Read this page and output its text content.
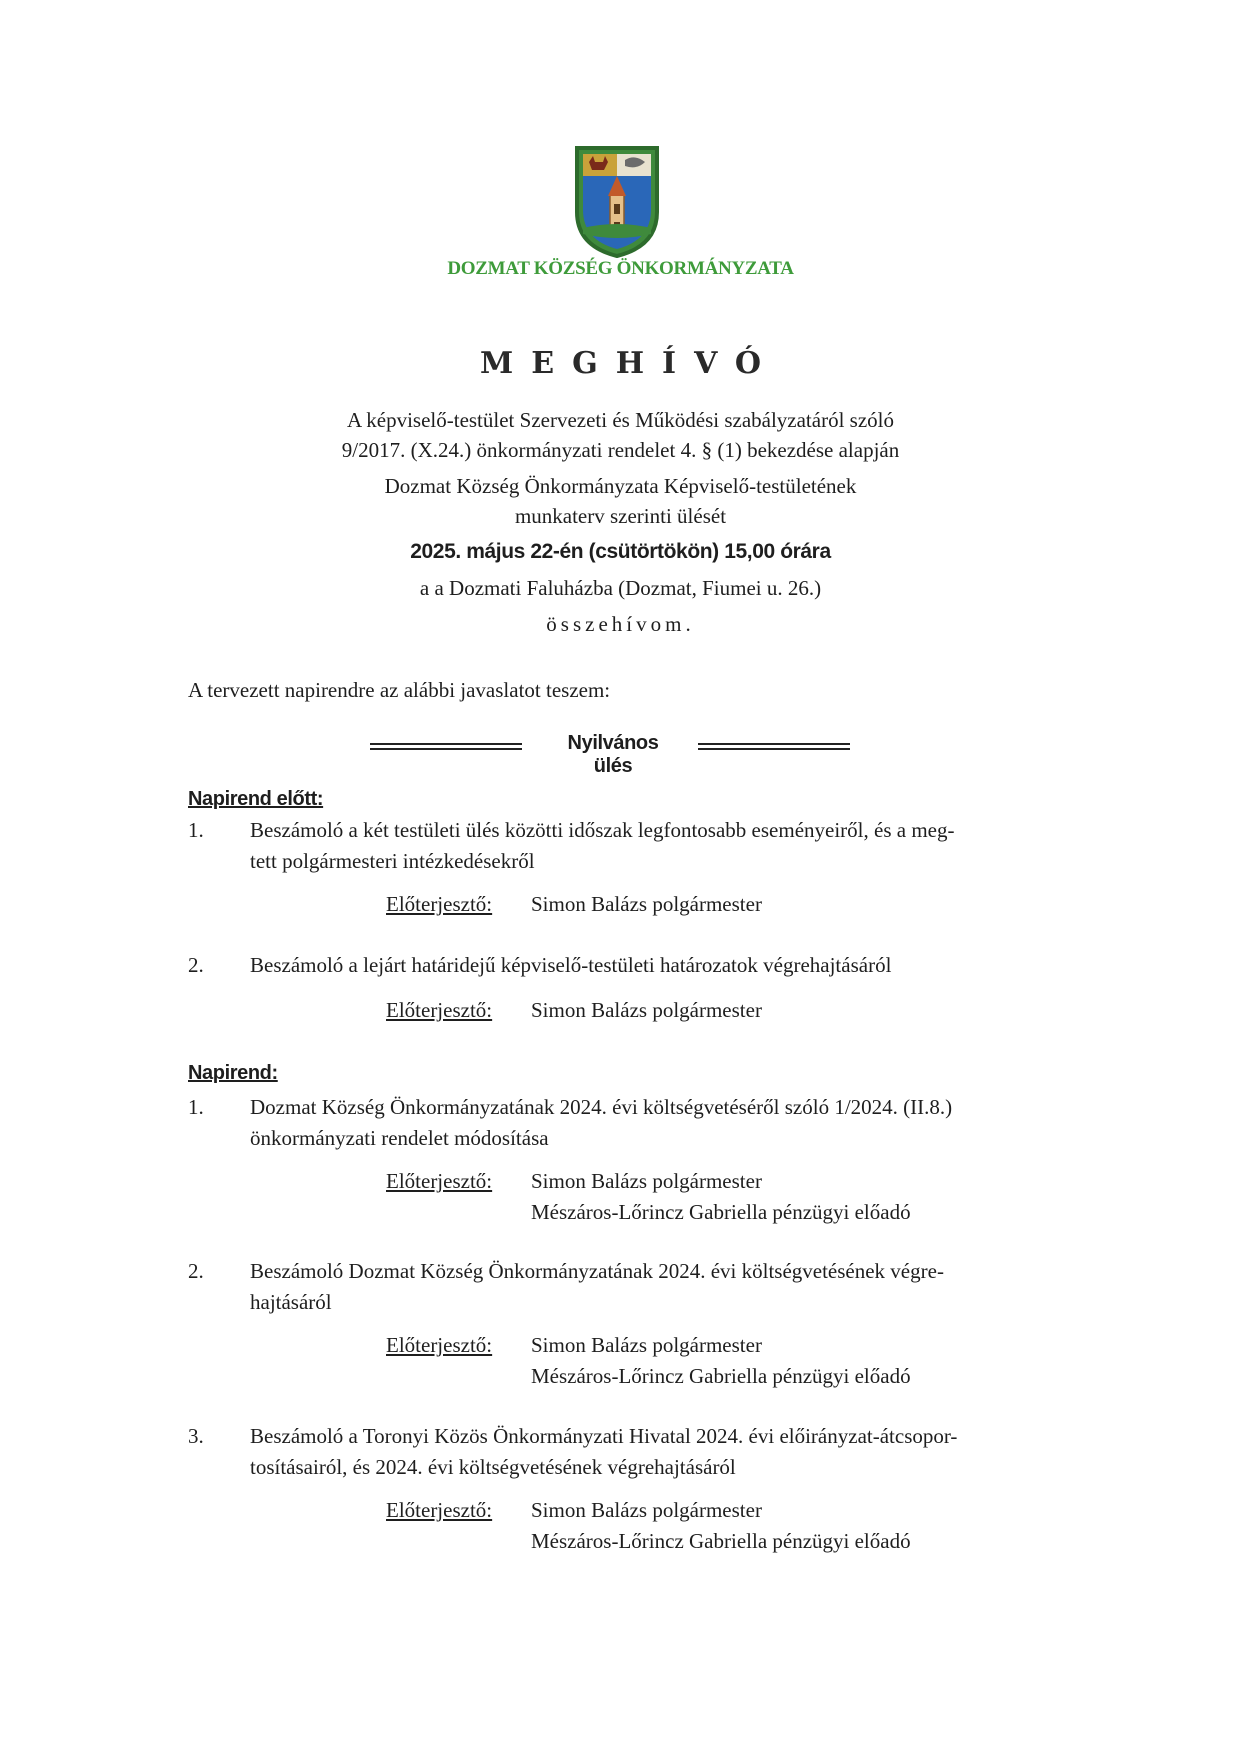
DOZMAT KÖZSÉG ÖNKORMÁNYZATA
MEGHÍVÓ
A képviselő-testület Szervezeti és Működési szabályzatáról szóló
9/2017. (X.24.) önkormányzati rendelet 4. § (1) bekezdése alapján
Dozmat Község Önkormányzata Képviselő-testületének
munkaterv szerinti ülését
2025. május 22-én (csütörtökön) 15,00 órára
a a Dozmati Faluházba (Dozmat, Fiumei u. 26.)
összehívom.
A tervezett napirendre az alábbi javaslatot teszem:
Nyilvános ülés
Napirend előtt:
1. Beszámoló a két testületi ülés közötti időszak legfontosabb eseményeiről, és a meg-
tett polgármesteri intézkedésekről
Előterjesztő: Simon Balázs polgármester
2. Beszámoló a lejárt határidejű képviselő-testületi határozatok végrehajtásáról
Előterjesztő: Simon Balázs polgármester
Napirend:
1. Dozmat Község Önkormányzatának 2024. évi költségvetéséről szóló 1/2024. (II.8.)
önkormányzati rendelet módosítása
Előterjesztő: Simon Balázs polgármester
Mészáros-Lőrincz Gabriella pénzügyi előadó
2. Beszámoló Dozmat Község Önkormányzatának 2024. évi költségvetésének végre-
hajtásáról
Előterjesztő: Simon Balázs polgármester
Mészáros-Lőrincz Gabriella pénzügyi előadó
3. Beszámoló a Toronyi Közös Önkormányzati Hivatal 2024. évi előirányzat-átcsopor-
tosításairól, és 2024. évi költségvetésének végrehajtásáról
Előterjesztő: Simon Balázs polgármester
Mészáros-Lőrincz Gabriella pénzügyi előadó
